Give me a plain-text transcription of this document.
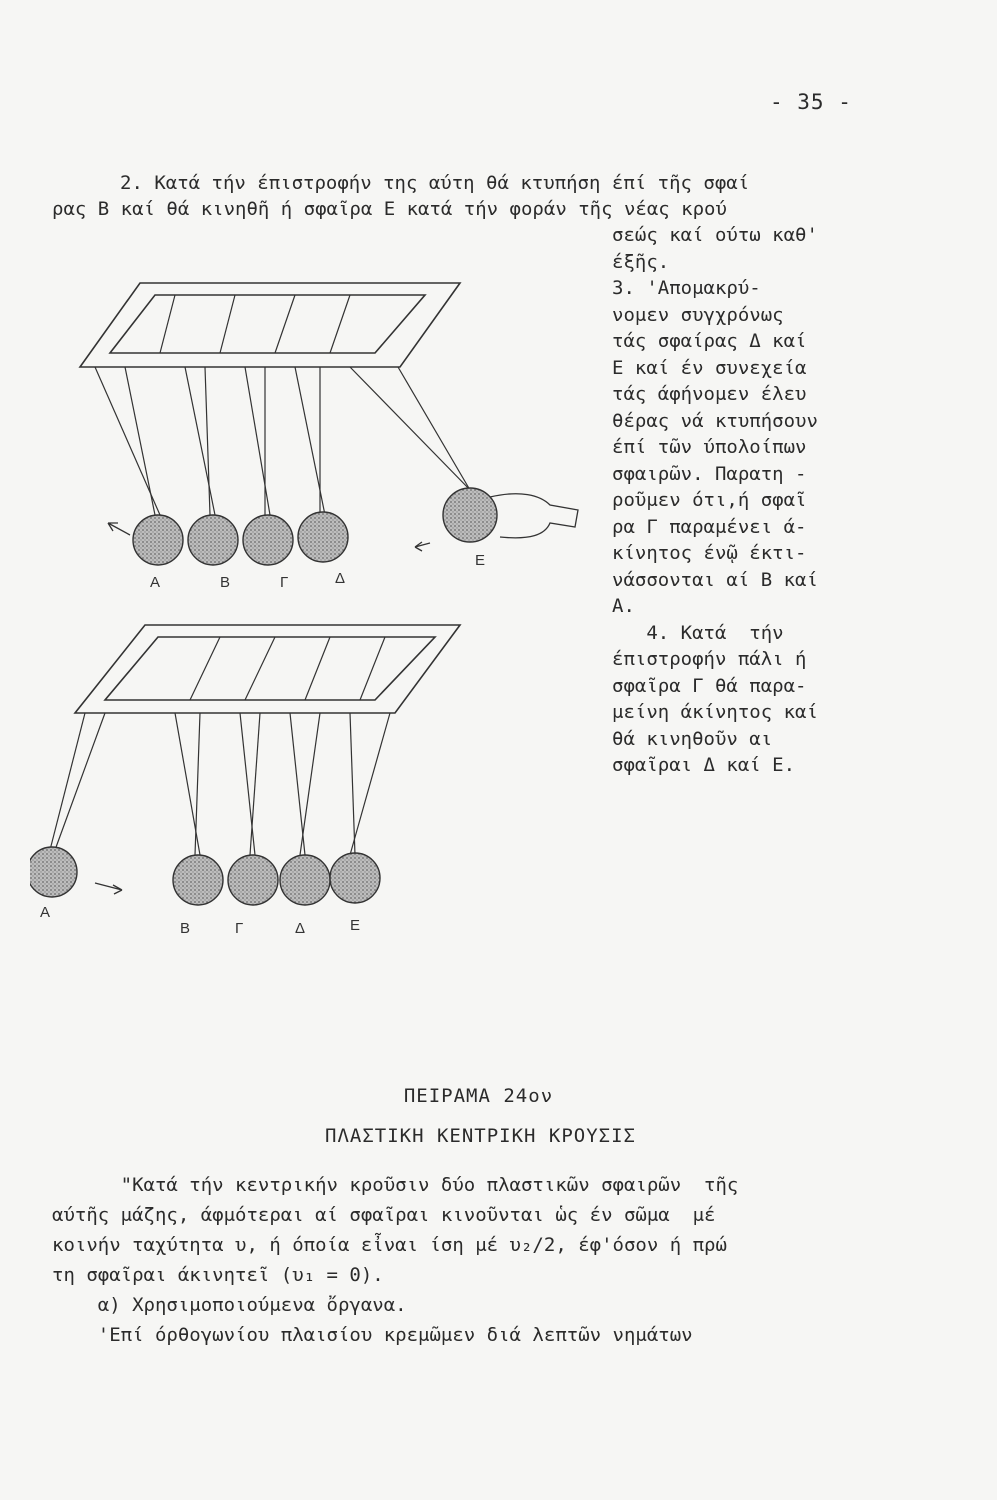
- 35 -
2. Κατά τήν έπιστροφήν της αύτη θά κτυπήση έπί τῆς σφαί
ρας Β καί θά κινηθῆ ή σφαῖρα Ε κατά τήν φοράν τῆς νέας κρού
σεώς καί ούτω καθ'
έξῆς.
3. 'Απομακρύ-
νομεν συγχρόνως
τάς σφαίρας Δ καί
Ε καί έν συνεχεία
τάς άφήνομεν έλευ
θέρας νά κτυπήσουν
έπί τῶν ύπολοίπων
σφαιρῶν. Παρατη -
ροῦμεν ότι,ή σφαῖ
ρα Γ παραμένει ά-
κίνητος ένῷ έκτι-
νάσσονται αί Β καί
Α.
4. Κατά  τήν
έπιστροφήν πάλι ή
σφαῖρα Γ θά παρα-
μείνη άκίνητος καί
θά κινηθοῦν αι
σφαῖραι Δ καί Ε.
Α	Β	Γ	Δ
Ε
Α
Β	Γ	Δ	Ε
ΠΕΙΡΑΜΑ 24ον
ΠΛΑΣΤΙΚΗ ΚΕΝΤΡΙΚΗ ΚΡΟΥΣΙΣ
"Κατά τήν κεντρικήν κροῦσιν δύο πλαστικῶν σφαιρῶν  τῆς
αύτῆς μάζης, άφμότεραι αί σφαῖραι κινοῦνται ὡς έν σῶμα  μέ
κοινήν ταχύτητα υ, ή όποία εἶναι ίση μέ υ₂/2, έφ'όσον ή πρώ
τη σφαῖραι άκινητεῖ (υ₁ = 0).
α) Χρησιμοποιούμενα ὄργανα.
'Επί όρθογωνίου πλαισίου κρεμῶμεν διά λεπτῶν νημάτων
